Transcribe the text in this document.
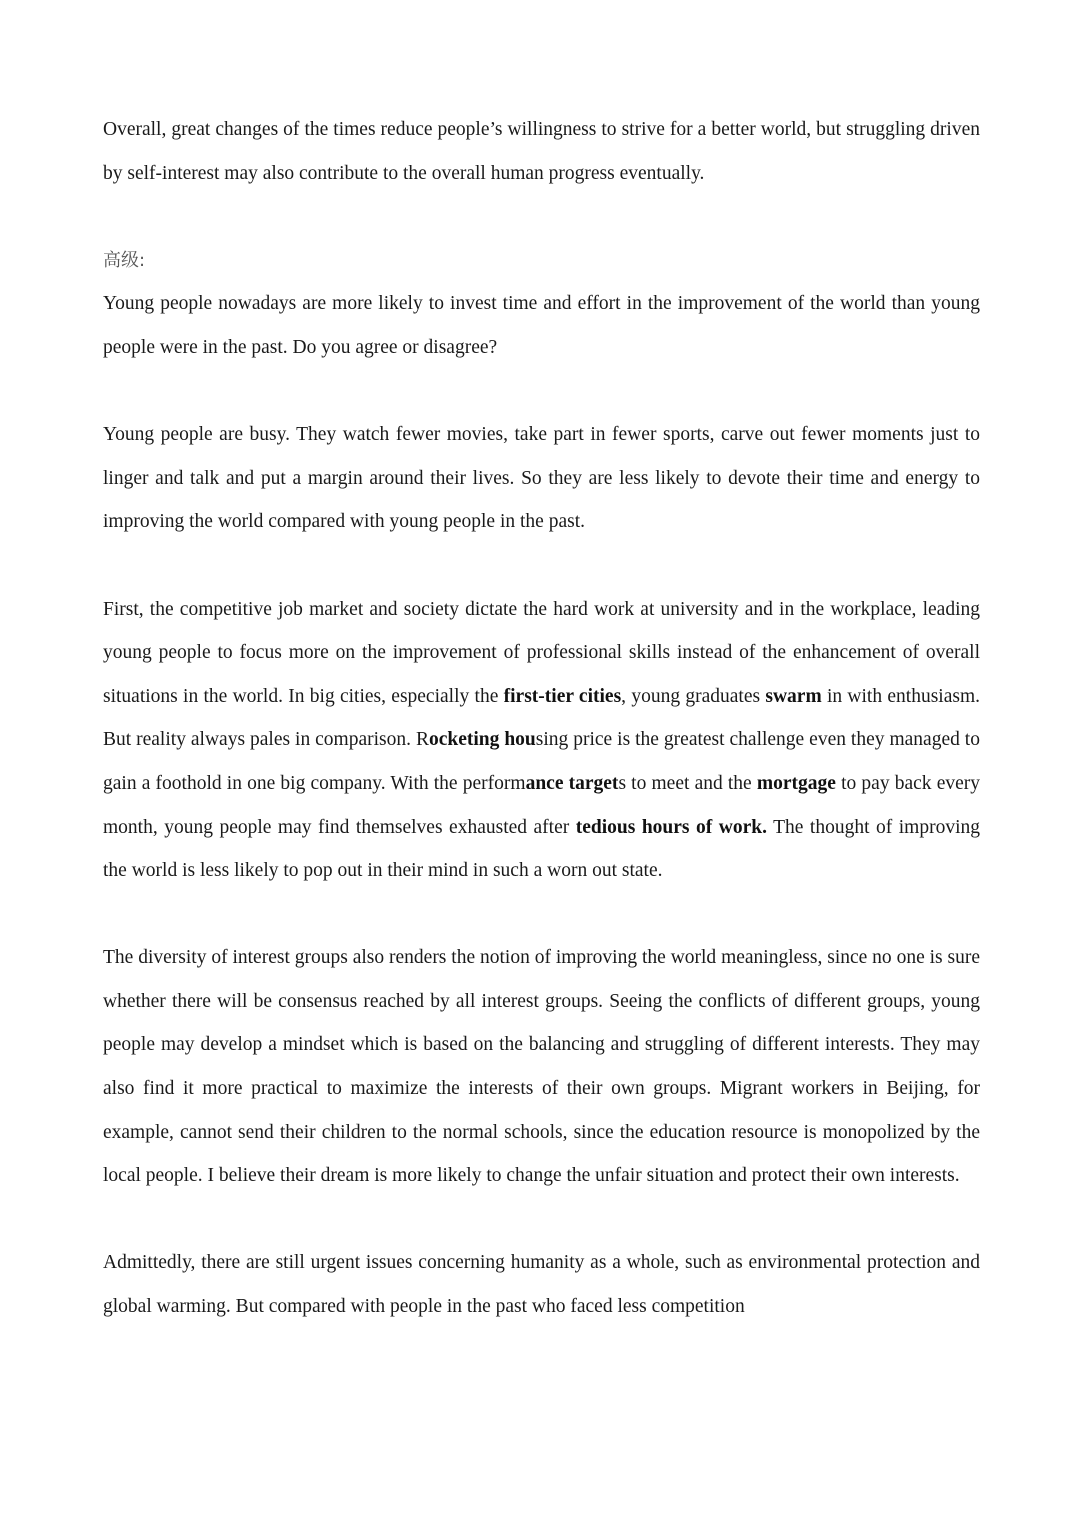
Overall, great changes of the times reduce people’s willingness to strive for a better world, but struggling driven by self-interest may also contribute to the overall human progress eventually.

高级:

Young people nowadays are more likely to invest time and effort in the improvement of the world than young people were in the past. Do you agree or disagree?

Young people are busy. They watch fewer movies, take part in fewer sports, carve out fewer moments just to linger and talk and put a margin around their lives. So they are less likely to devote their time and energy to improving the world compared with young people in the past.

First, the competitive job market and society dictate the hard work at university and in the workplace, leading young people to focus more on the improvement of professional skills instead of the enhancement of overall situations in the world. In big cities, especially the first-tier cities, young graduates swarm in with enthusiasm. But reality always pales in comparison. Rocketing housing price is the greatest challenge even they managed to gain a foothold in one big company. With the performance targets to meet and the mortgage to pay back every month, young people may find themselves exhausted after tedious hours of work. The thought of improving the world is less likely to pop out in their mind in such a worn out state.

The diversity of interest groups also renders the notion of improving the world meaningless, since no one is sure whether there will be consensus reached by all interest groups. Seeing the conflicts of different groups, young people may develop a mindset which is based on the balancing and struggling of different interests. They may also find it more practical to maximize the interests of their own groups. Migrant workers in Beijing, for example, cannot send their children to the normal schools, since the education resource is monopolized by the local people. I believe their dream is more likely to change the unfair situation and protect their own interests.

Admittedly, there are still urgent issues concerning humanity as a whole, such as environmental protection and global warming. But compared with people in the past who faced less competition
